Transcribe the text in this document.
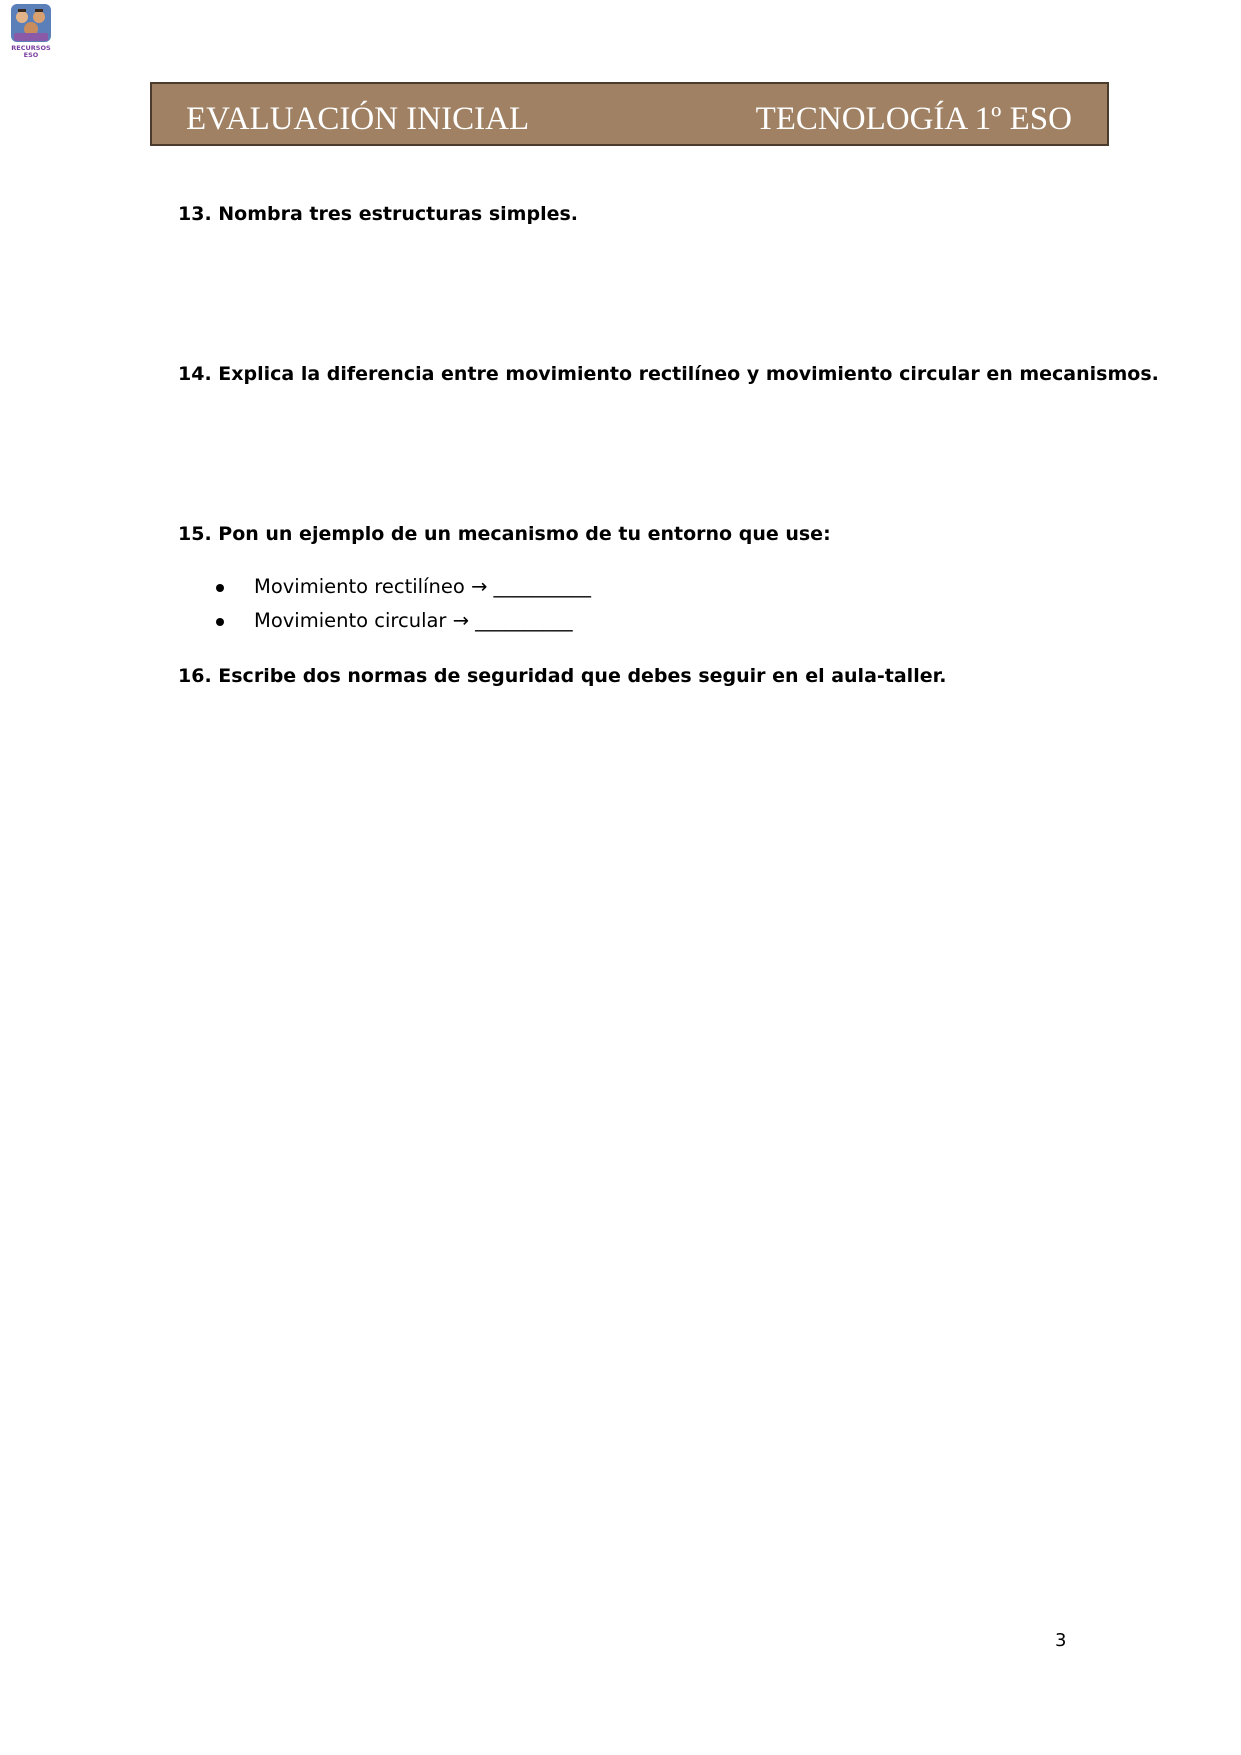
RECURSOS
ESO
EVALUACIÓN INICIAL	TECNOLOGÍA 1º ESO
13. Nombra tres estructuras simples.
14. Explica la diferencia entre movimiento rectilíneo y movimiento circular en mecanismos.
15. Pon un ejemplo de un mecanismo de tu entorno que use:
Movimiento rectilíneo → __________
Movimiento circular → __________
16. Escribe dos normas de seguridad que debes seguir en el aula-taller.
3
